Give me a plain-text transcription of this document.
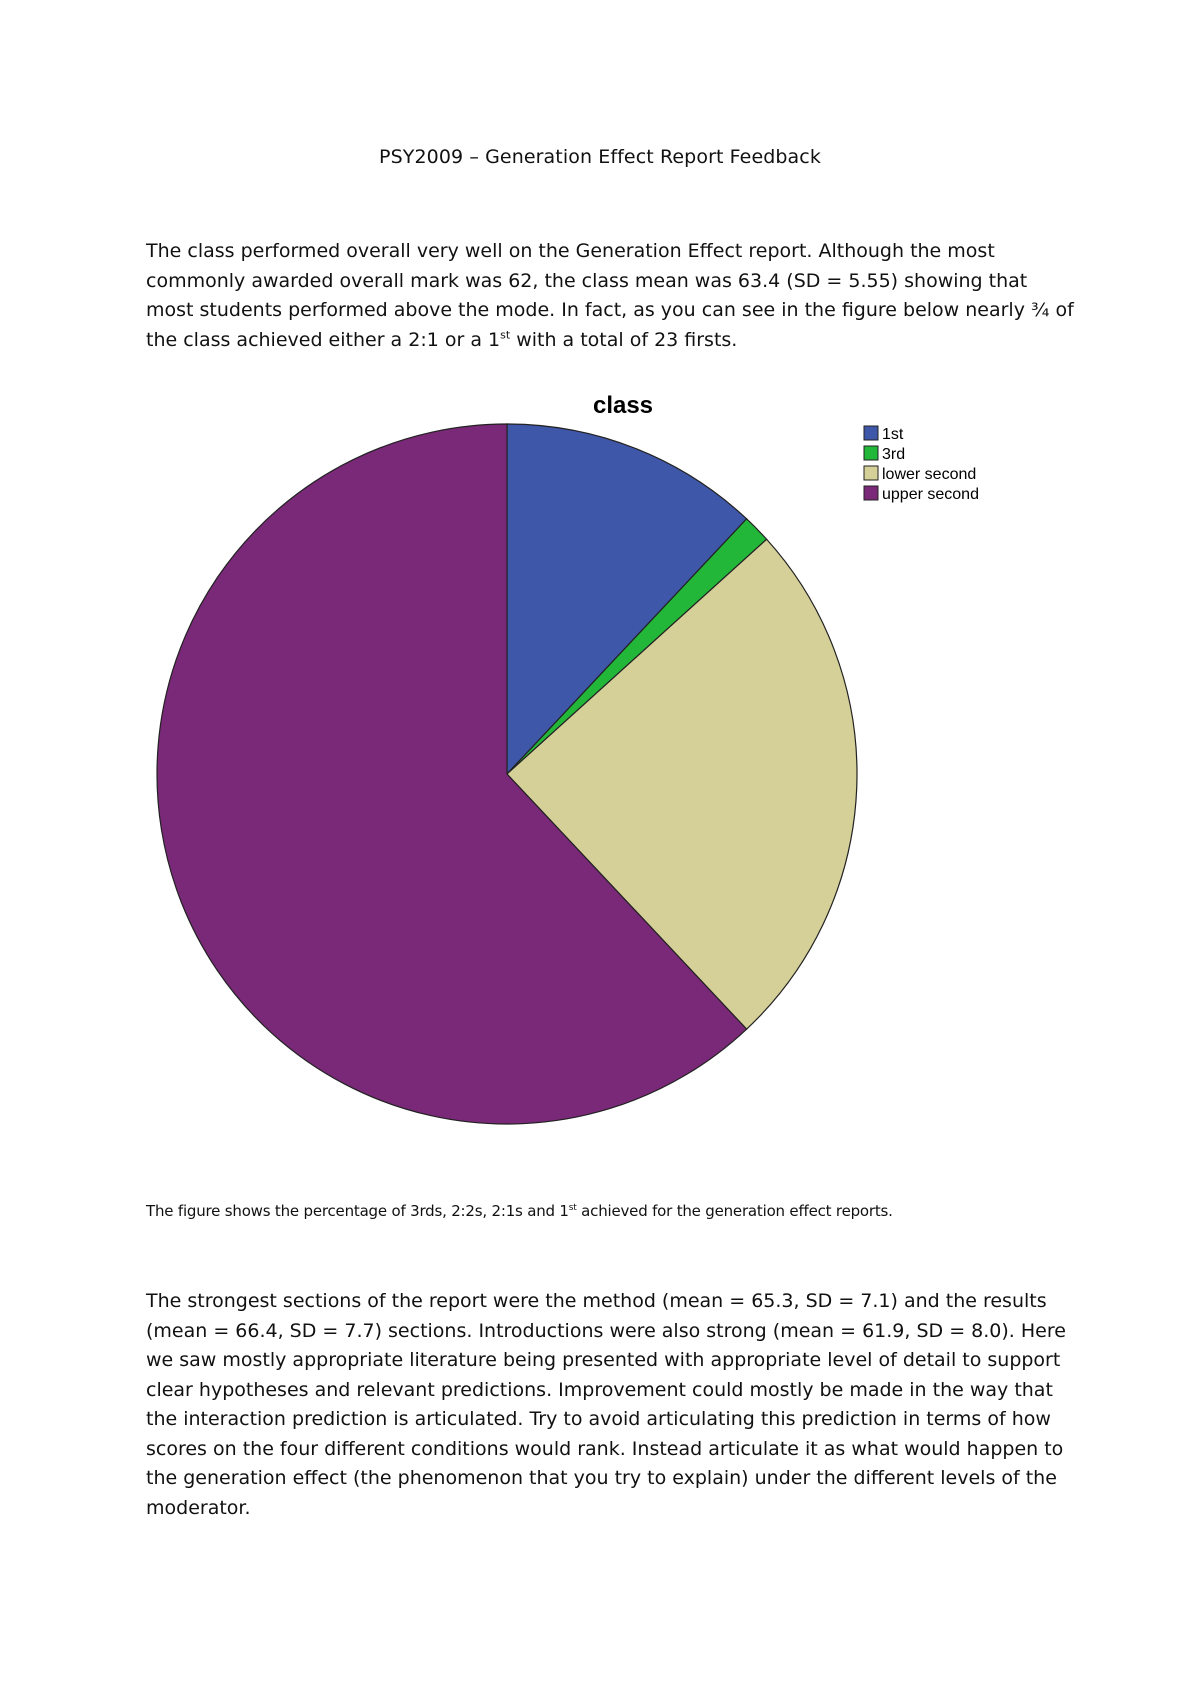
PSY2009 – Generation Effect Report Feedback

The class performed overall very well on the Generation Effect report. Although the most commonly awarded overall mark was 62, the class mean was 63.4 (SD = 5.55) showing that most students performed above the mode. In fact, as you can see in the figure below nearly ¾ of the class achieved either a 2:1 or a 1st with a total of 23 firsts.

class
1st
3rd
lower second
upper second
The figure shows the percentage of 3rds, 2:2s, 2:1s and 1st achieved for the generation effect reports.

The strongest sections of the report were the method (mean = 65.3, SD = 7.1) and the results (mean = 66.4, SD = 7.7) sections. Introductions were also strong (mean = 61.9, SD = 8.0). Here we saw mostly appropriate literature being presented with appropriate level of detail to support clear hypotheses and relevant predictions. Improvement could mostly be made in the way that the interaction prediction is articulated. Try to avoid articulating this prediction in terms of how scores on the four different conditions would rank. Instead articulate it as what would happen to the generation effect (the phenomenon that you try to explain) under the different levels of the moderator.
